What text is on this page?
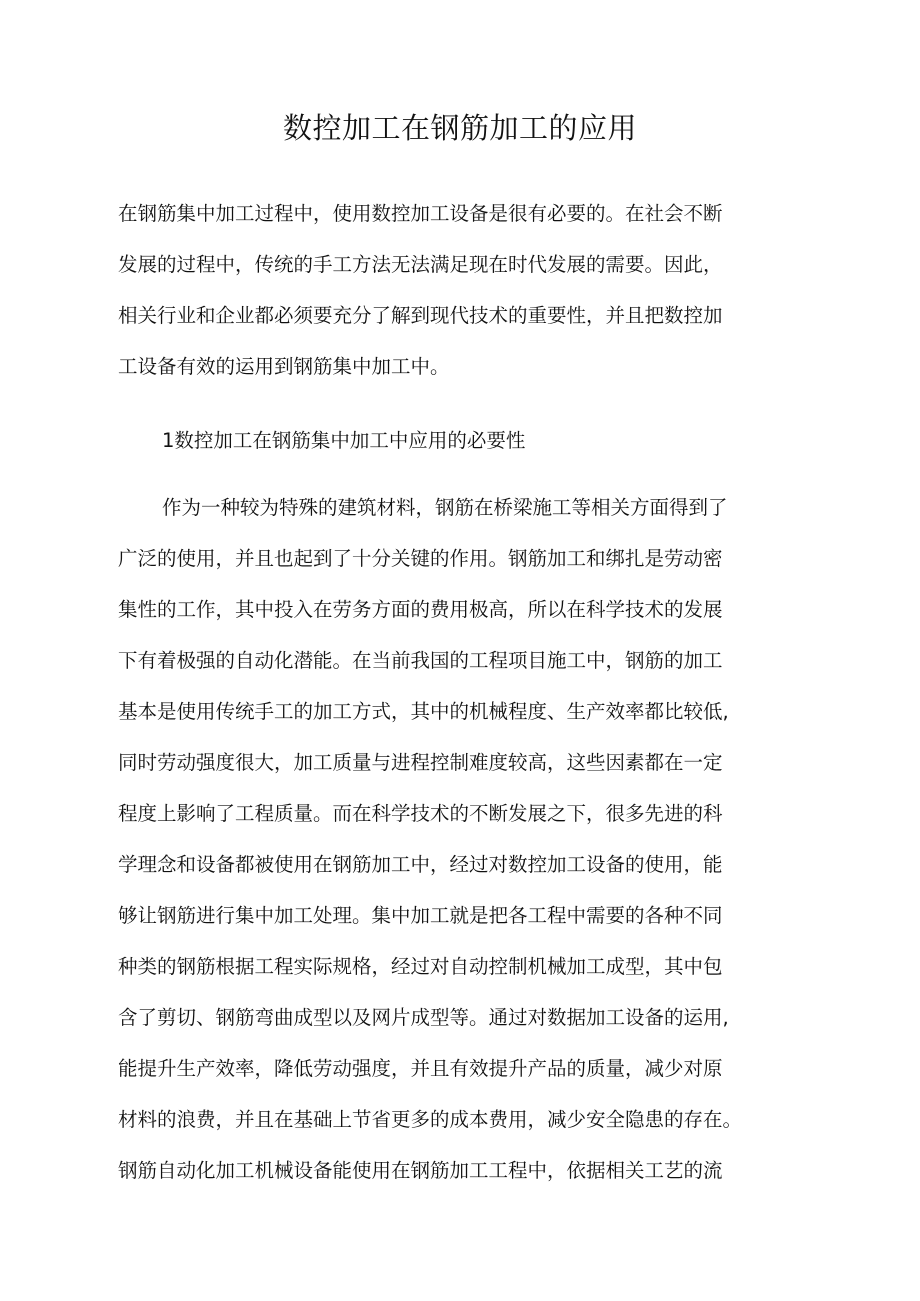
数控加工在钢筋加工的应用
在钢筋集中加工过程中，使用数控加工设备是很有必要的。在社会不断
发展的过程中，传统的手工方法无法满足现在时代发展的需要。因此，
相关行业和企业都必须要充分了解到现代技术的重要性，并且把数控加
工设备有效的运用到钢筋集中加工中。
1数控加工在钢筋集中加工中应用的必要性
作为一种较为特殊的建筑材料，钢筋在桥梁施工等相关方面得到了
广泛的使用，并且也起到了十分关键的作用。钢筋加工和绑扎是劳动密
集性的工作，其中投入在劳务方面的费用极高，所以在科学技术的发展
下有着极强的自动化潜能。在当前我国的工程项目施工中，钢筋的加工
基本是使用传统手工的加工方式，其中的机械程度、生产效率都比较低,
同时劳动强度很大，加工质量与进程控制难度较高，这些因素都在一定
程度上影响了工程质量。而在科学技术的不断发展之下，很多先进的科
学理念和设备都被使用在钢筋加工中，经过对数控加工设备的使用，能
够让钢筋进行集中加工处理。集中加工就是把各工程中需要的各种不同
种类的钢筋根据工程实际规格，经过对自动控制机械加工成型，其中包
含了剪切、钢筋弯曲成型以及网片成型等。通过对数据加工设备的运用,
能提升生产效率，降低劳动强度，并且有效提升产品的质量，减少对原
材料的浪费，并且在基础上节省更多的成本费用，减少安全隐患的存在。
钢筋自动化加工机械设备能使用在钢筋加工工程中，依据相关工艺的流
